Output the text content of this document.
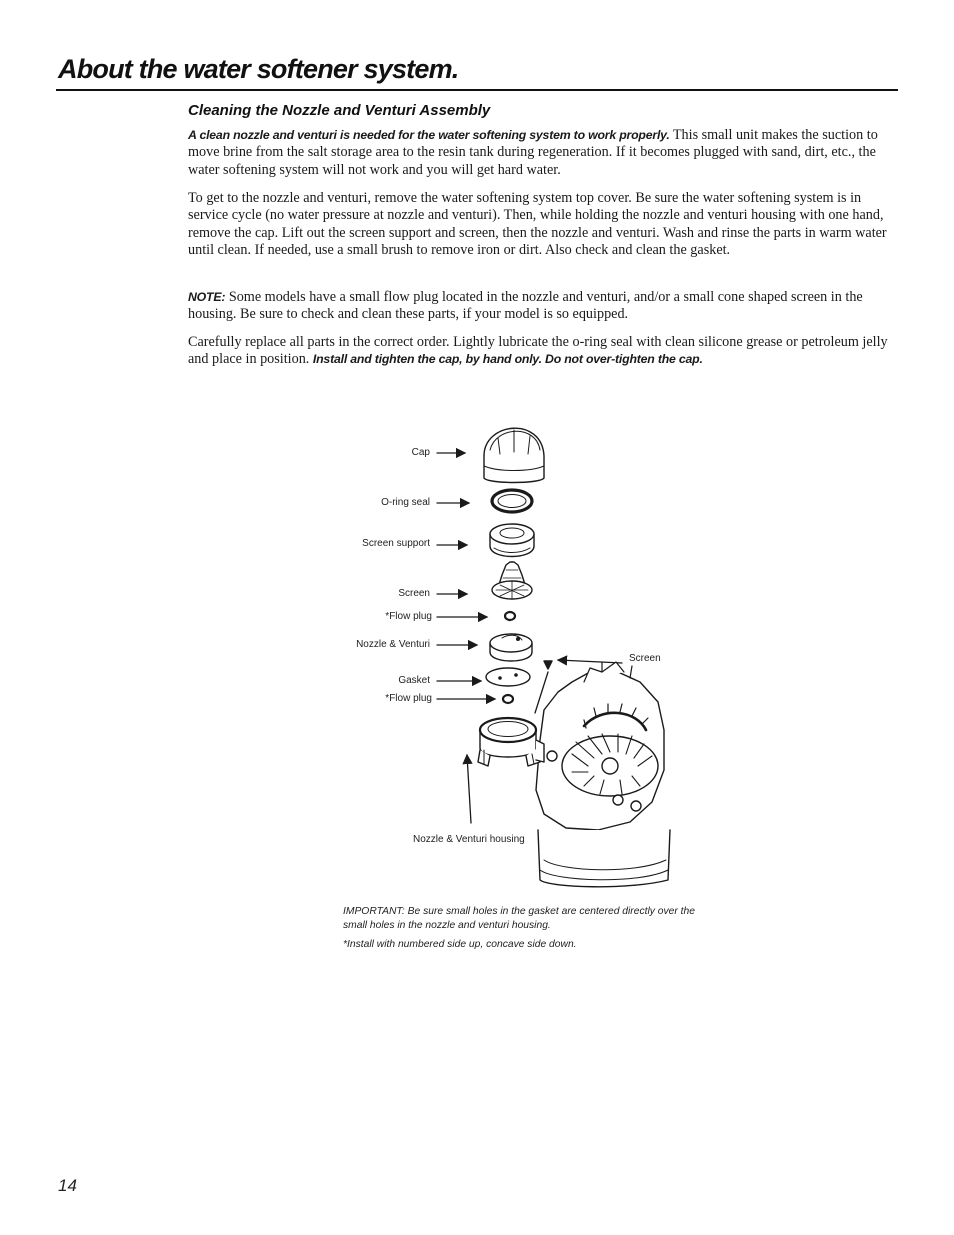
About the water softener system.
Cleaning the Nozzle and Venturi Assembly

A clean nozzle and venturi is needed for the water softening system to work properly. This small unit makes the suction to move brine from the salt storage area to the resin tank during regeneration. If it becomes plugged with sand, dirt, etc., the water softening system will not work and you will get hard water.

To get to the nozzle and venturi, remove the water softening system top cover. Be sure the water softening system is in service cycle (no water pressure at nozzle and venturi). Then, while holding the nozzle and venturi housing with one hand, remove the cap. Lift out the screen support and screen, then the nozzle and venturi. Wash and rinse the parts in warm water until clean. If needed, use a small brush to remove iron or dirt. Also check and clean the gasket.

NOTE: Some models have a small flow plug located in the nozzle and venturi, and/or a small cone shaped screen in the housing. Be sure to check and clean these parts, if your model is so equipped.

Carefully replace all parts in the correct order. Lightly lubricate the o-ring seal with clean silicone grease or petroleum jelly and place in position. Install and tighten the cap, by hand only. Do not over-tighten the cap.

Cap
O-ring seal
Screen support
Screen
*Flow plug
Nozzle & Venturi
Gasket
*Flow plug
Screen
Nozzle & Venturi housing

IMPORTANT: Be sure small holes in the gasket are centered directly over the small holes in the nozzle and venturi housing.

*Install with numbered side up, concave side down.

14
